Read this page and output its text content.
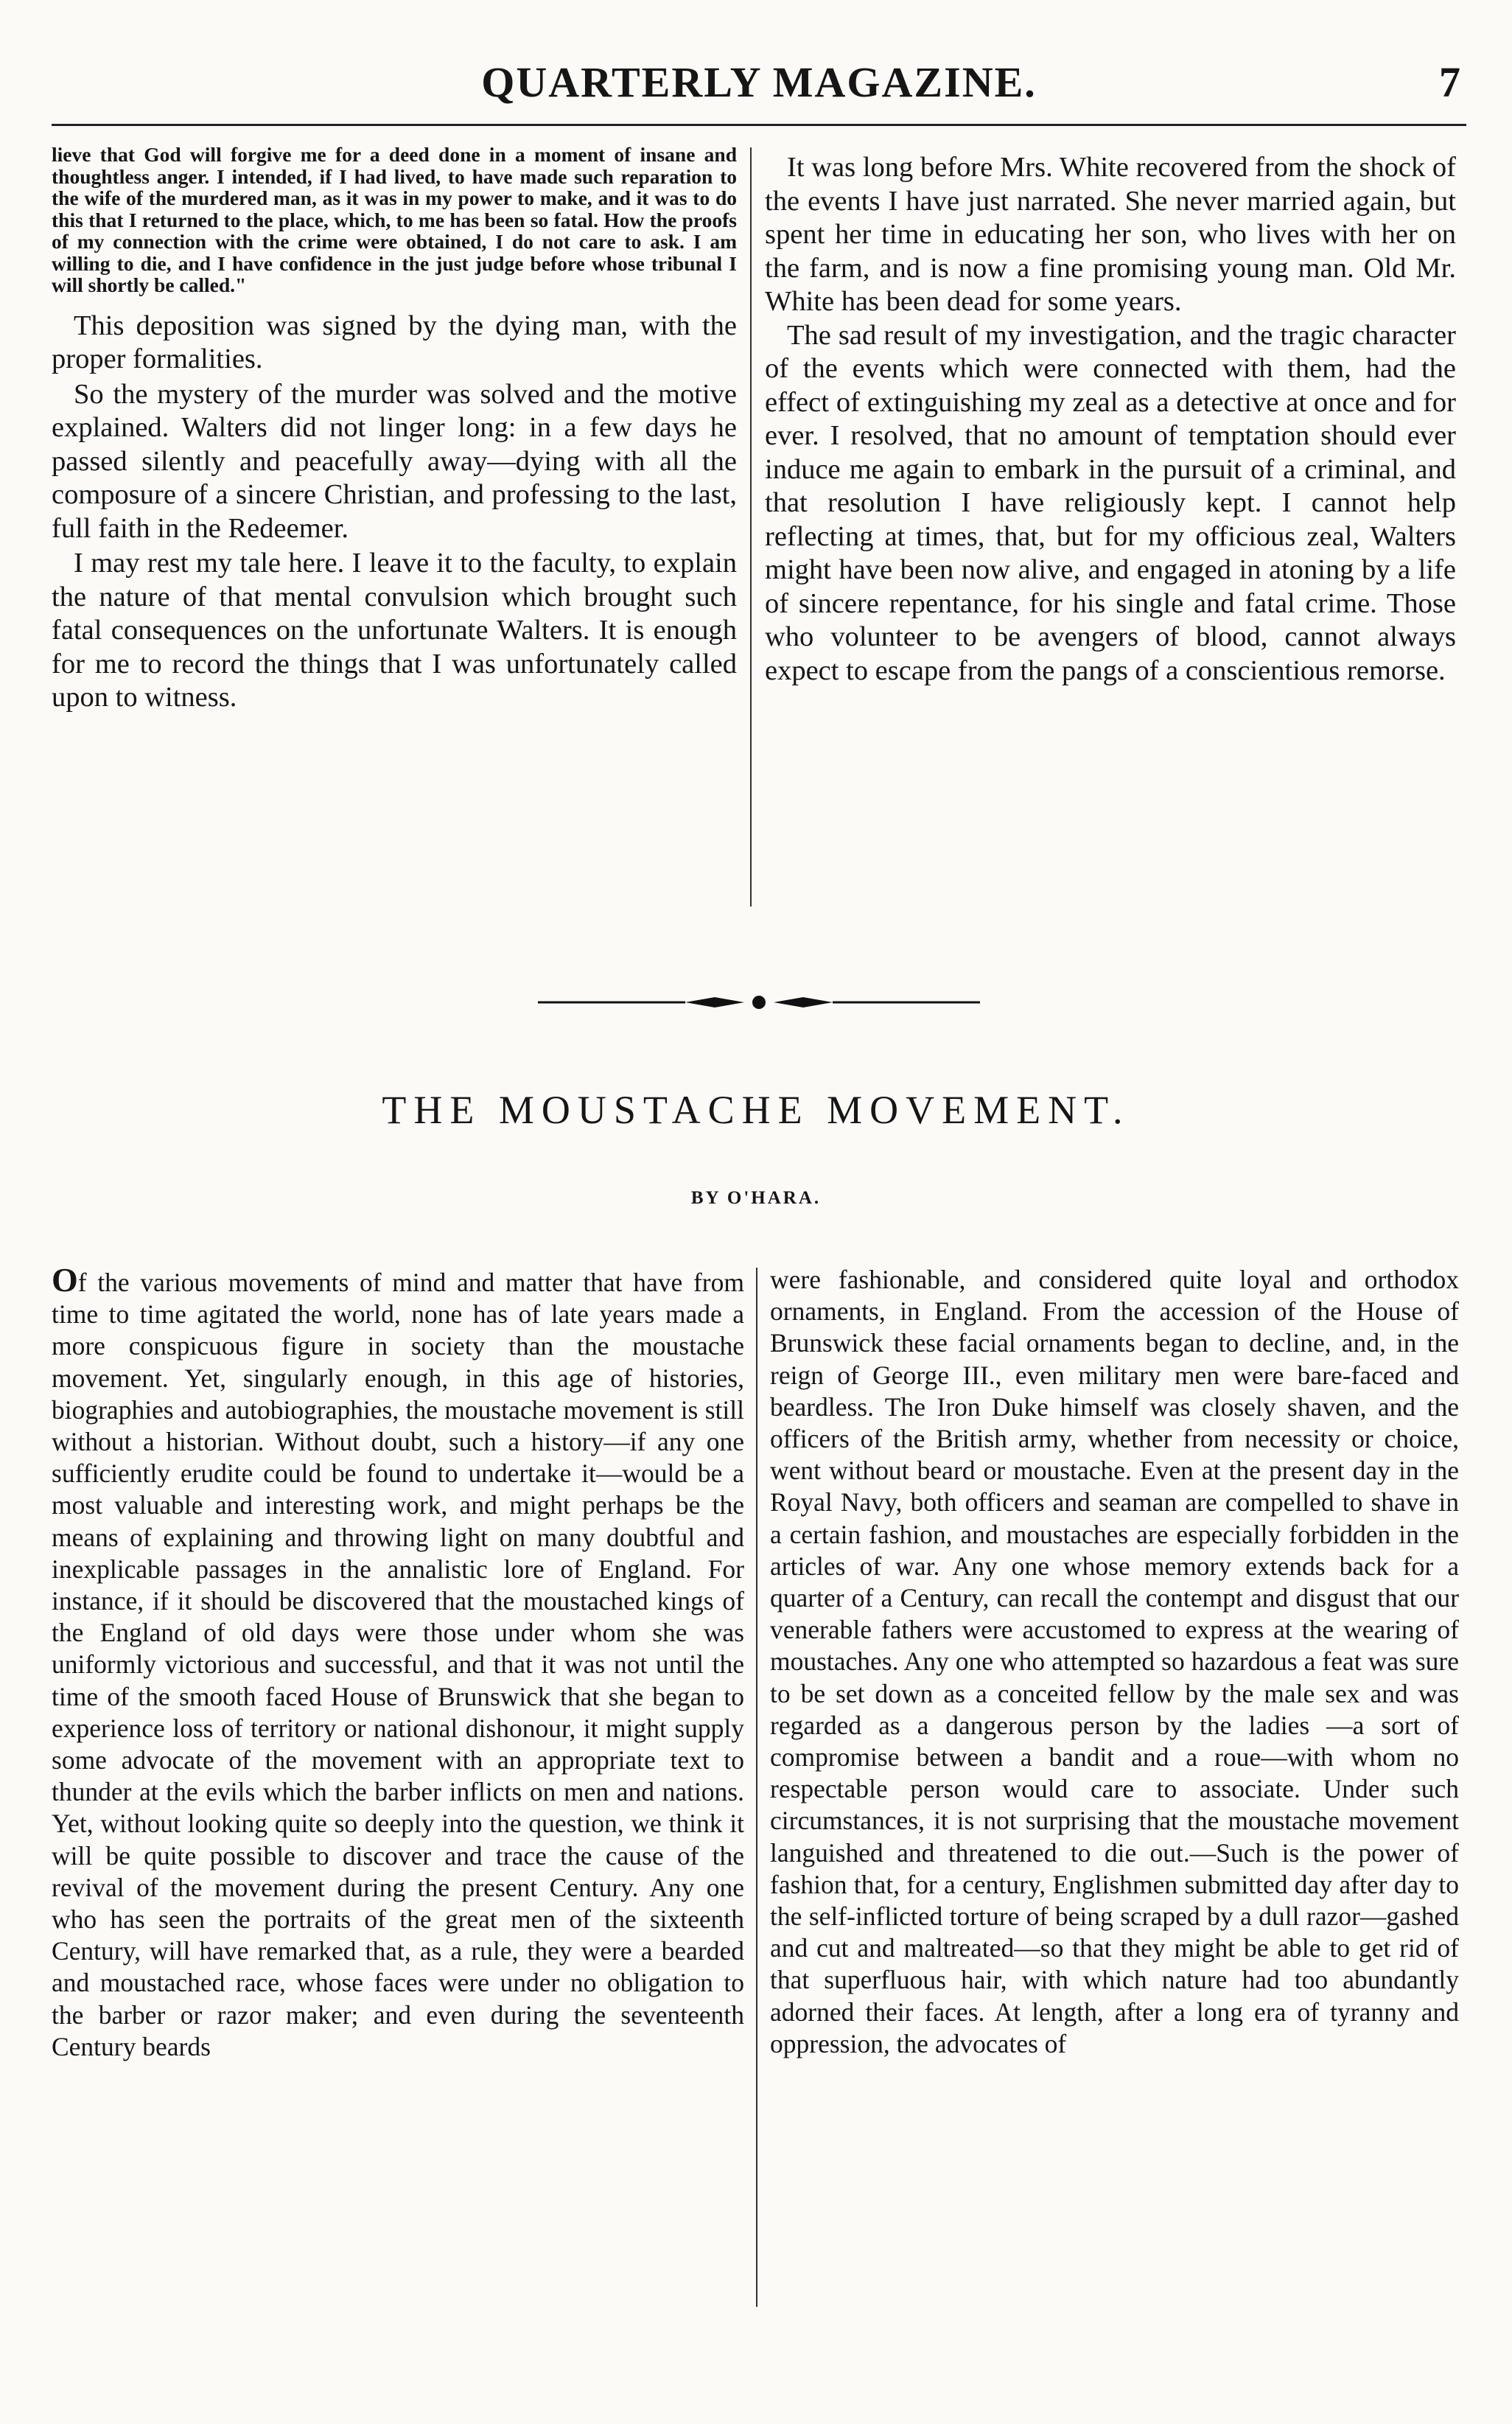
QUARTERLY MAGAZINE.	7

lieve that God will forgive me for a deed done in a moment of insane and thoughtless anger. I intended, if I had lived, to have made such reparation to the wife of the murdered man, as it was in my power to make, and it was to do this that I returned to the place, which, to me has been so fatal. How the proofs of my connection with the crime were obtained, I do not care to ask. I am willing to die, and I have confidence in the just judge before whose tribunal I will shortly be called."

This deposition was signed by the dying man, with the proper formalities.

So the mystery of the murder was solved and the motive explained. Walters did not linger long: in a few days he passed silently and peacefully away—dying with all the composure of a sincere Christian, and professing to the last, full faith in the Redeemer.

I may rest my tale here. I leave it to the faculty, to explain the nature of that mental convulsion which brought such fatal consequences on the unfortunate Walters. It is enough for me to record the things that I was unfortunately called upon to witness.

It was long before Mrs. White recovered from the shock of the events I have just narrated. She never married again, but spent her time in educating her son, who lives with her on the farm, and is now a fine promising young man. Old Mr. White has been dead for some years.

The sad result of my investigation, and the tragic character of the events which were connected with them, had the effect of extinguishing my zeal as a detective at once and for ever. I resolved, that no amount of temptation should ever induce me again to embark in the pursuit of a criminal, and that resolution I have religiously kept. I cannot help reflecting at times, that, but for my officious zeal, Walters might have been now alive, and engaged in atoning by a life of sincere repentance, for his single and fatal crime. Those who volunteer to be avengers of blood, cannot always expect to escape from the pangs of a conscientious remorse.

THE MOUSTACHE MOVEMENT.
BY O'HARA.

Of the various movements of mind and matter that have from time to time agitated the world, none has of late years made a more conspicuous figure in society than the moustache movement. Yet, singularly enough, in this age of histories, biographies and autobiographies, the moustache movement is still without a historian. Without doubt, such a history—if any one sufficiently erudite could be found to undertake it—would be a most valuable and interesting work, and might perhaps be the means of explaining and throwing light on many doubtful and inexplicable passages in the annalistic lore of England. For instance, if it should be discovered that the moustached kings of the England of old days were those under whom she was uniformly victorious and successful, and that it was not until the time of the smooth faced House of Brunswick that she began to experience loss of territory or national dishonour, it might supply some advocate of the movement with an appropriate text to thunder at the evils which the barber inflicts on men and nations. Yet, without looking quite so deeply into the question, we think it will be quite possible to discover and trace the cause of the revival of the movement during the present Century. Any one who has seen the portraits of the great men of the sixteenth Century, will have remarked that, as a rule, they were a bearded and moustached race, whose faces were under no obligation to the barber or razor maker; and even during the seventeenth Century beards

were fashionable, and considered quite loyal and orthodox ornaments, in England. From the accession of the House of Brunswick these facial ornaments began to decline, and, in the reign of George III., even military men were bare-faced and beardless. The Iron Duke himself was closely shaven, and the officers of the British army, whether from necessity or choice, went without beard or moustache. Even at the present day in the Royal Navy, both officers and seaman are compelled to shave in a certain fashion, and moustaches are especially forbidden in the articles of war. Any one whose memory extends back for a quarter of a Century, can recall the contempt and disgust that our venerable fathers were accustomed to express at the wearing of moustaches. Any one who attempted so hazardous a feat was sure to be set down as a conceited fellow by the male sex and was regarded as a dangerous person by the ladies —a sort of compromise between a bandit and a roue—with whom no respectable person would care to associate. Under such circumstances, it is not surprising that the moustache movement languished and threatened to die out.—Such is the power of fashion that, for a century, Englishmen submitted day after day to the self-inflicted torture of being scraped by a dull razor—gashed and cut and maltreated—so that they might be able to get rid of that superfluous hair, with which nature had too abundantly adorned their faces. At length, after a long era of tyranny and oppression, the advocates of
